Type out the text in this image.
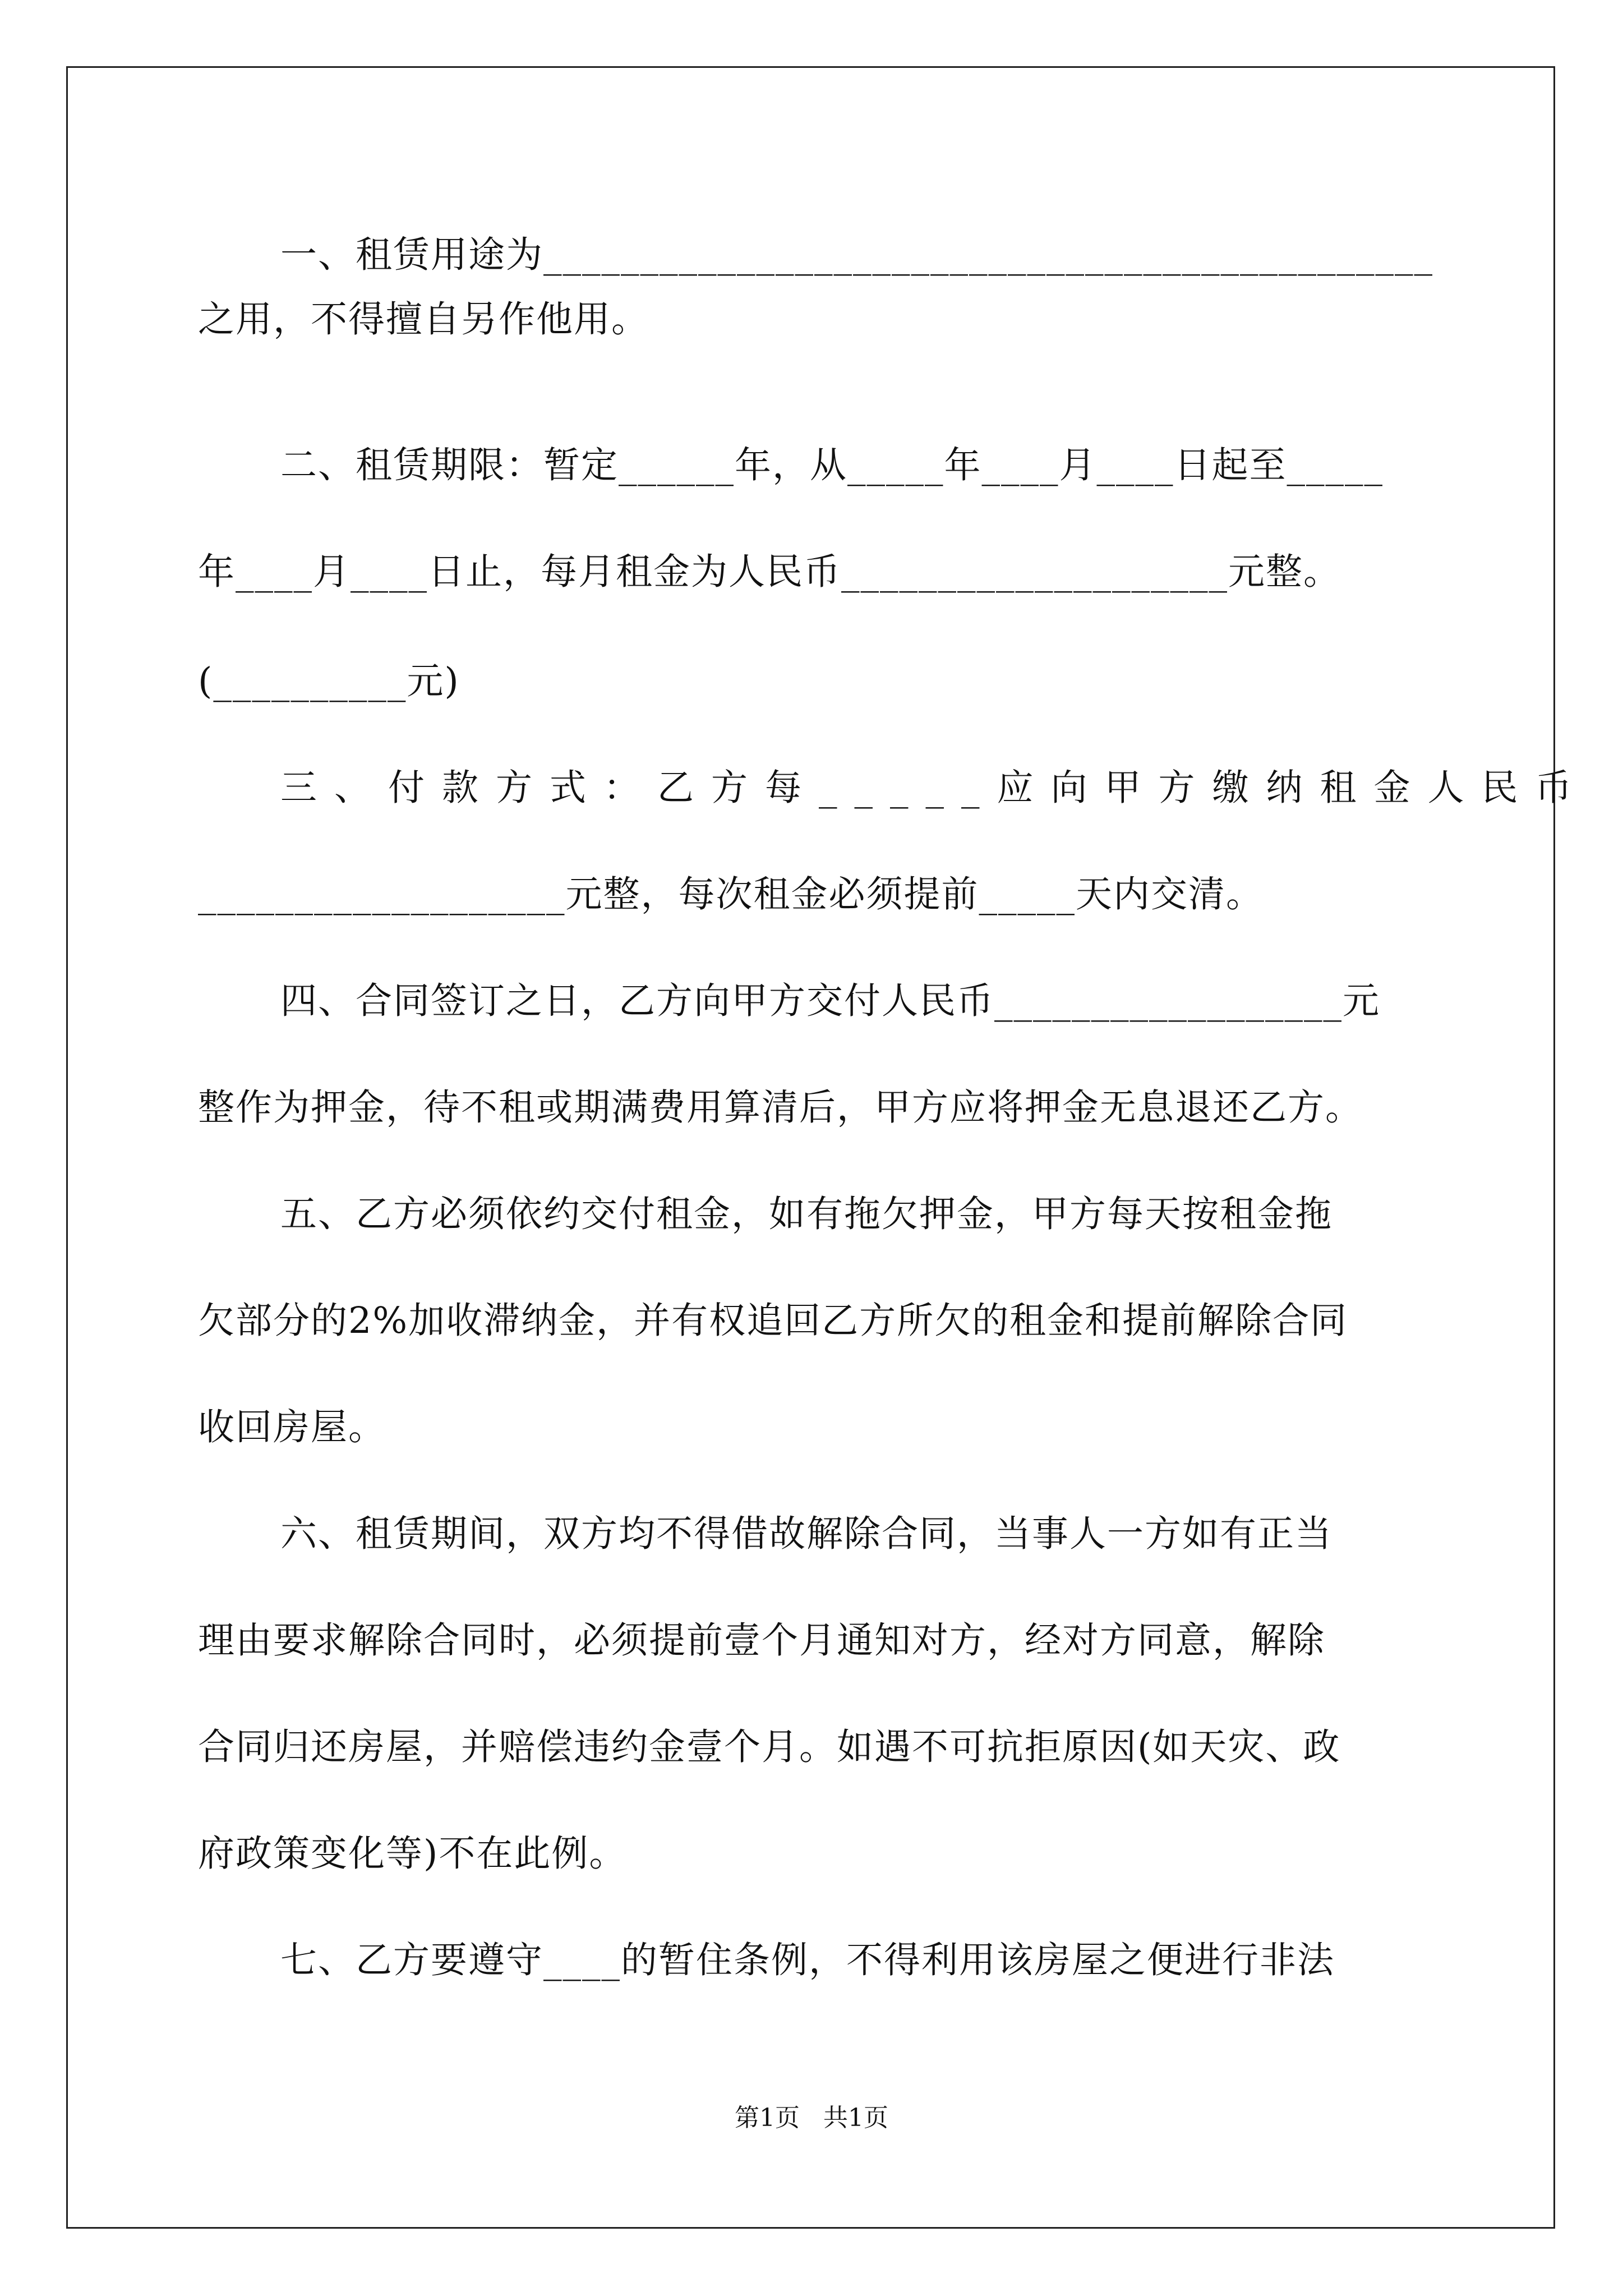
一、租赁用途为______________________________________________
之用，不得擅自另作他用。
二、租赁期限：暂定______年，从_____年____月____日起至_____
年____月____日止，每月租金为人民币____________________元整。
(__________元)
三、付款方式：乙方每_____应向甲方缴纳租金人民币
___________________元整，每次租金必须提前_____天内交清。
四、合同签订之日，乙方向甲方交付人民币__________________元
整作为押金，待不租或期满费用算清后，甲方应将押金无息退还乙方。
五、乙方必须依约交付租金，如有拖欠押金，甲方每天按租金拖
欠部分的2%加收滞纳金，并有权追回乙方所欠的租金和提前解除合同
收回房屋。
六、租赁期间，双方均不得借故解除合同，当事人一方如有正当
理由要求解除合同时，必须提前壹个月通知对方，经对方同意，解除
合同归还房屋，并赔偿违约金壹个月。如遇不可抗拒原因(如天灾、政
府政策变化等)不在此例。
七、乙方要遵守____的暂住条例，不得利用该房屋之便进行非法
第1页   共1页
